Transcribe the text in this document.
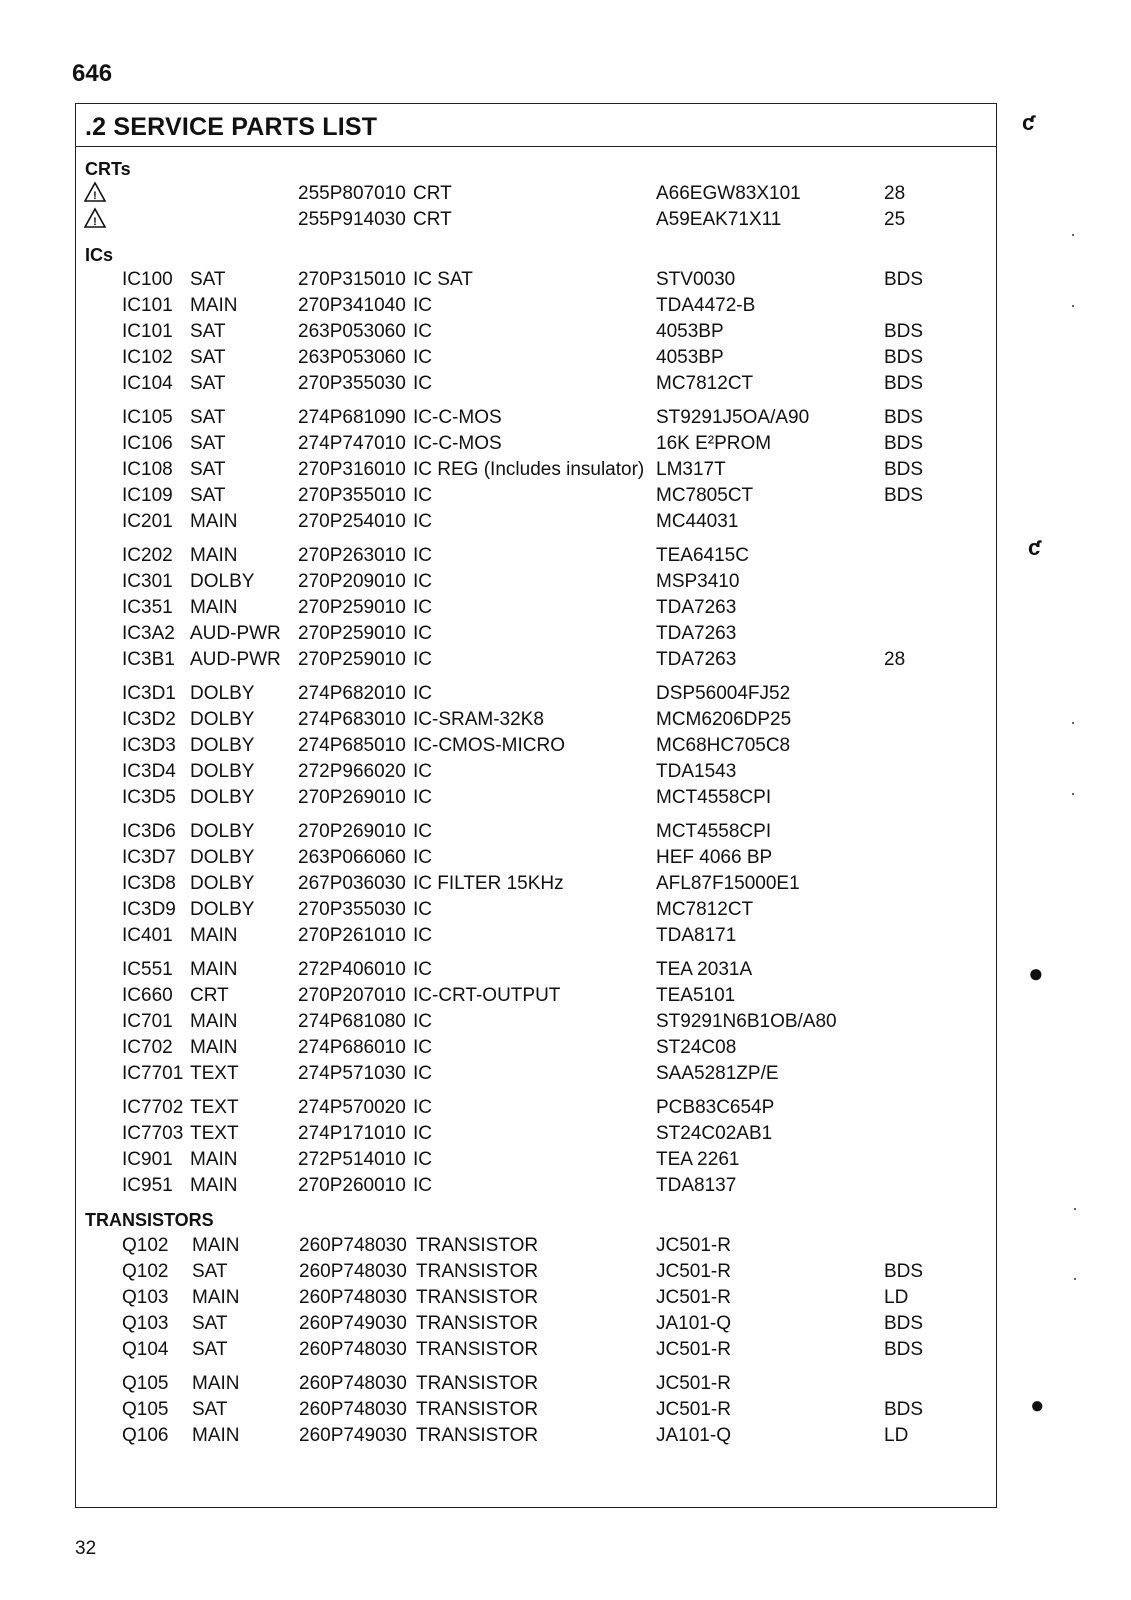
646
.2 SERVICE PARTS LIST
CRTs
!	255P807010 CRT	A66EGW83X101	28
!	255P914030 CRT	A59EAK71X11	25
ICs
IC100 SAT	270P315010 IC SAT	STV0030	BDS
IC101 MAIN	270P341040 IC	TDA4472-B
IC101 SAT	263P053060 IC	4053BP	BDS
IC102 SAT	263P053060 IC	4053BP	BDS
IC104 SAT	270P355030 IC	MC7812CT	BDS
IC105 SAT	274P681090 IC-C-MOS	ST9291J5OA/A90	BDS
IC106 SAT	274P747010 IC-C-MOS	16K E²PROM	BDS
IC108 SAT	270P316010 IC REG (Includes insulator) LM317T	BDS
IC109 SAT	270P355010 IC	MC7805CT	BDS
IC201 MAIN	270P254010 IC	MC44031
IC202 MAIN	270P263010 IC	TEA6415C
IC301 DOLBY 270P209010 IC	MSP3410
IC351 MAIN	270P259010 IC	TDA7263
IC3A2 AUD-PWR 270P259010 IC	TDA7263
IC3B1 AUD-PWR 270P259010 IC	TDA7263	28
IC3D1 DOLBY 274P682010 IC	DSP56004FJ52
IC3D2 DOLBY 274P683010 IC-SRAM-32K8	MCM6206DP25
IC3D3 DOLBY 274P685010 IC-CMOS-MICRO	MC68HC705C8
IC3D4 DOLBY 272P966020 IC	TDA1543
IC3D5 DOLBY 270P269010 IC	MCT4558CPI
IC3D6 DOLBY 270P269010 IC	MCT4558CPI
IC3D7 DOLBY 263P066060 IC	HEF 4066 BP
IC3D8 DOLBY 267P036030 IC FILTER 15KHz	AFL87F15000E1
IC3D9 DOLBY 270P355030 IC	MC7812CT
IC401 MAIN	270P261010 IC	TDA8171
IC551 MAIN	272P406010 IC	TEA 2031A
IC660 CRT	270P207010 IC-CRT-OUTPUT	TEA5101
IC701 MAIN	274P681080 IC	ST9291N6B1OB/A80
IC702 MAIN	274P686010 IC	ST24C08
IC7701 TEXT	274P571030 IC	SAA5281ZP/E
IC7702 TEXT	274P570020 IC	PCB83C654P
IC7703 TEXT	274P171010 IC	ST24C02AB1
IC901 MAIN	272P514010 IC	TEA 2261
IC951 MAIN	270P260010 IC	TDA8137
TRANSISTORS
Q102 MAIN	260P748030 TRANSISTOR	JC501-R
Q102 SAT	260P748030 TRANSISTOR	JC501-R	BDS
Q103 MAIN	260P748030 TRANSISTOR	JC501-R	LD
Q103 SAT	260P749030 TRANSISTOR	JA101-Q	BDS
Q104 SAT	260P748030 TRANSISTOR	JC501-R	BDS
Q105 MAIN	260P748030 TRANSISTOR	JC501-R
Q105 SAT	260P748030 TRANSISTOR	JC501-R	BDS
Q106 MAIN	260P749030 TRANSISTOR	JA101-Q	LD
32
ƈ
ƈ
●
●
